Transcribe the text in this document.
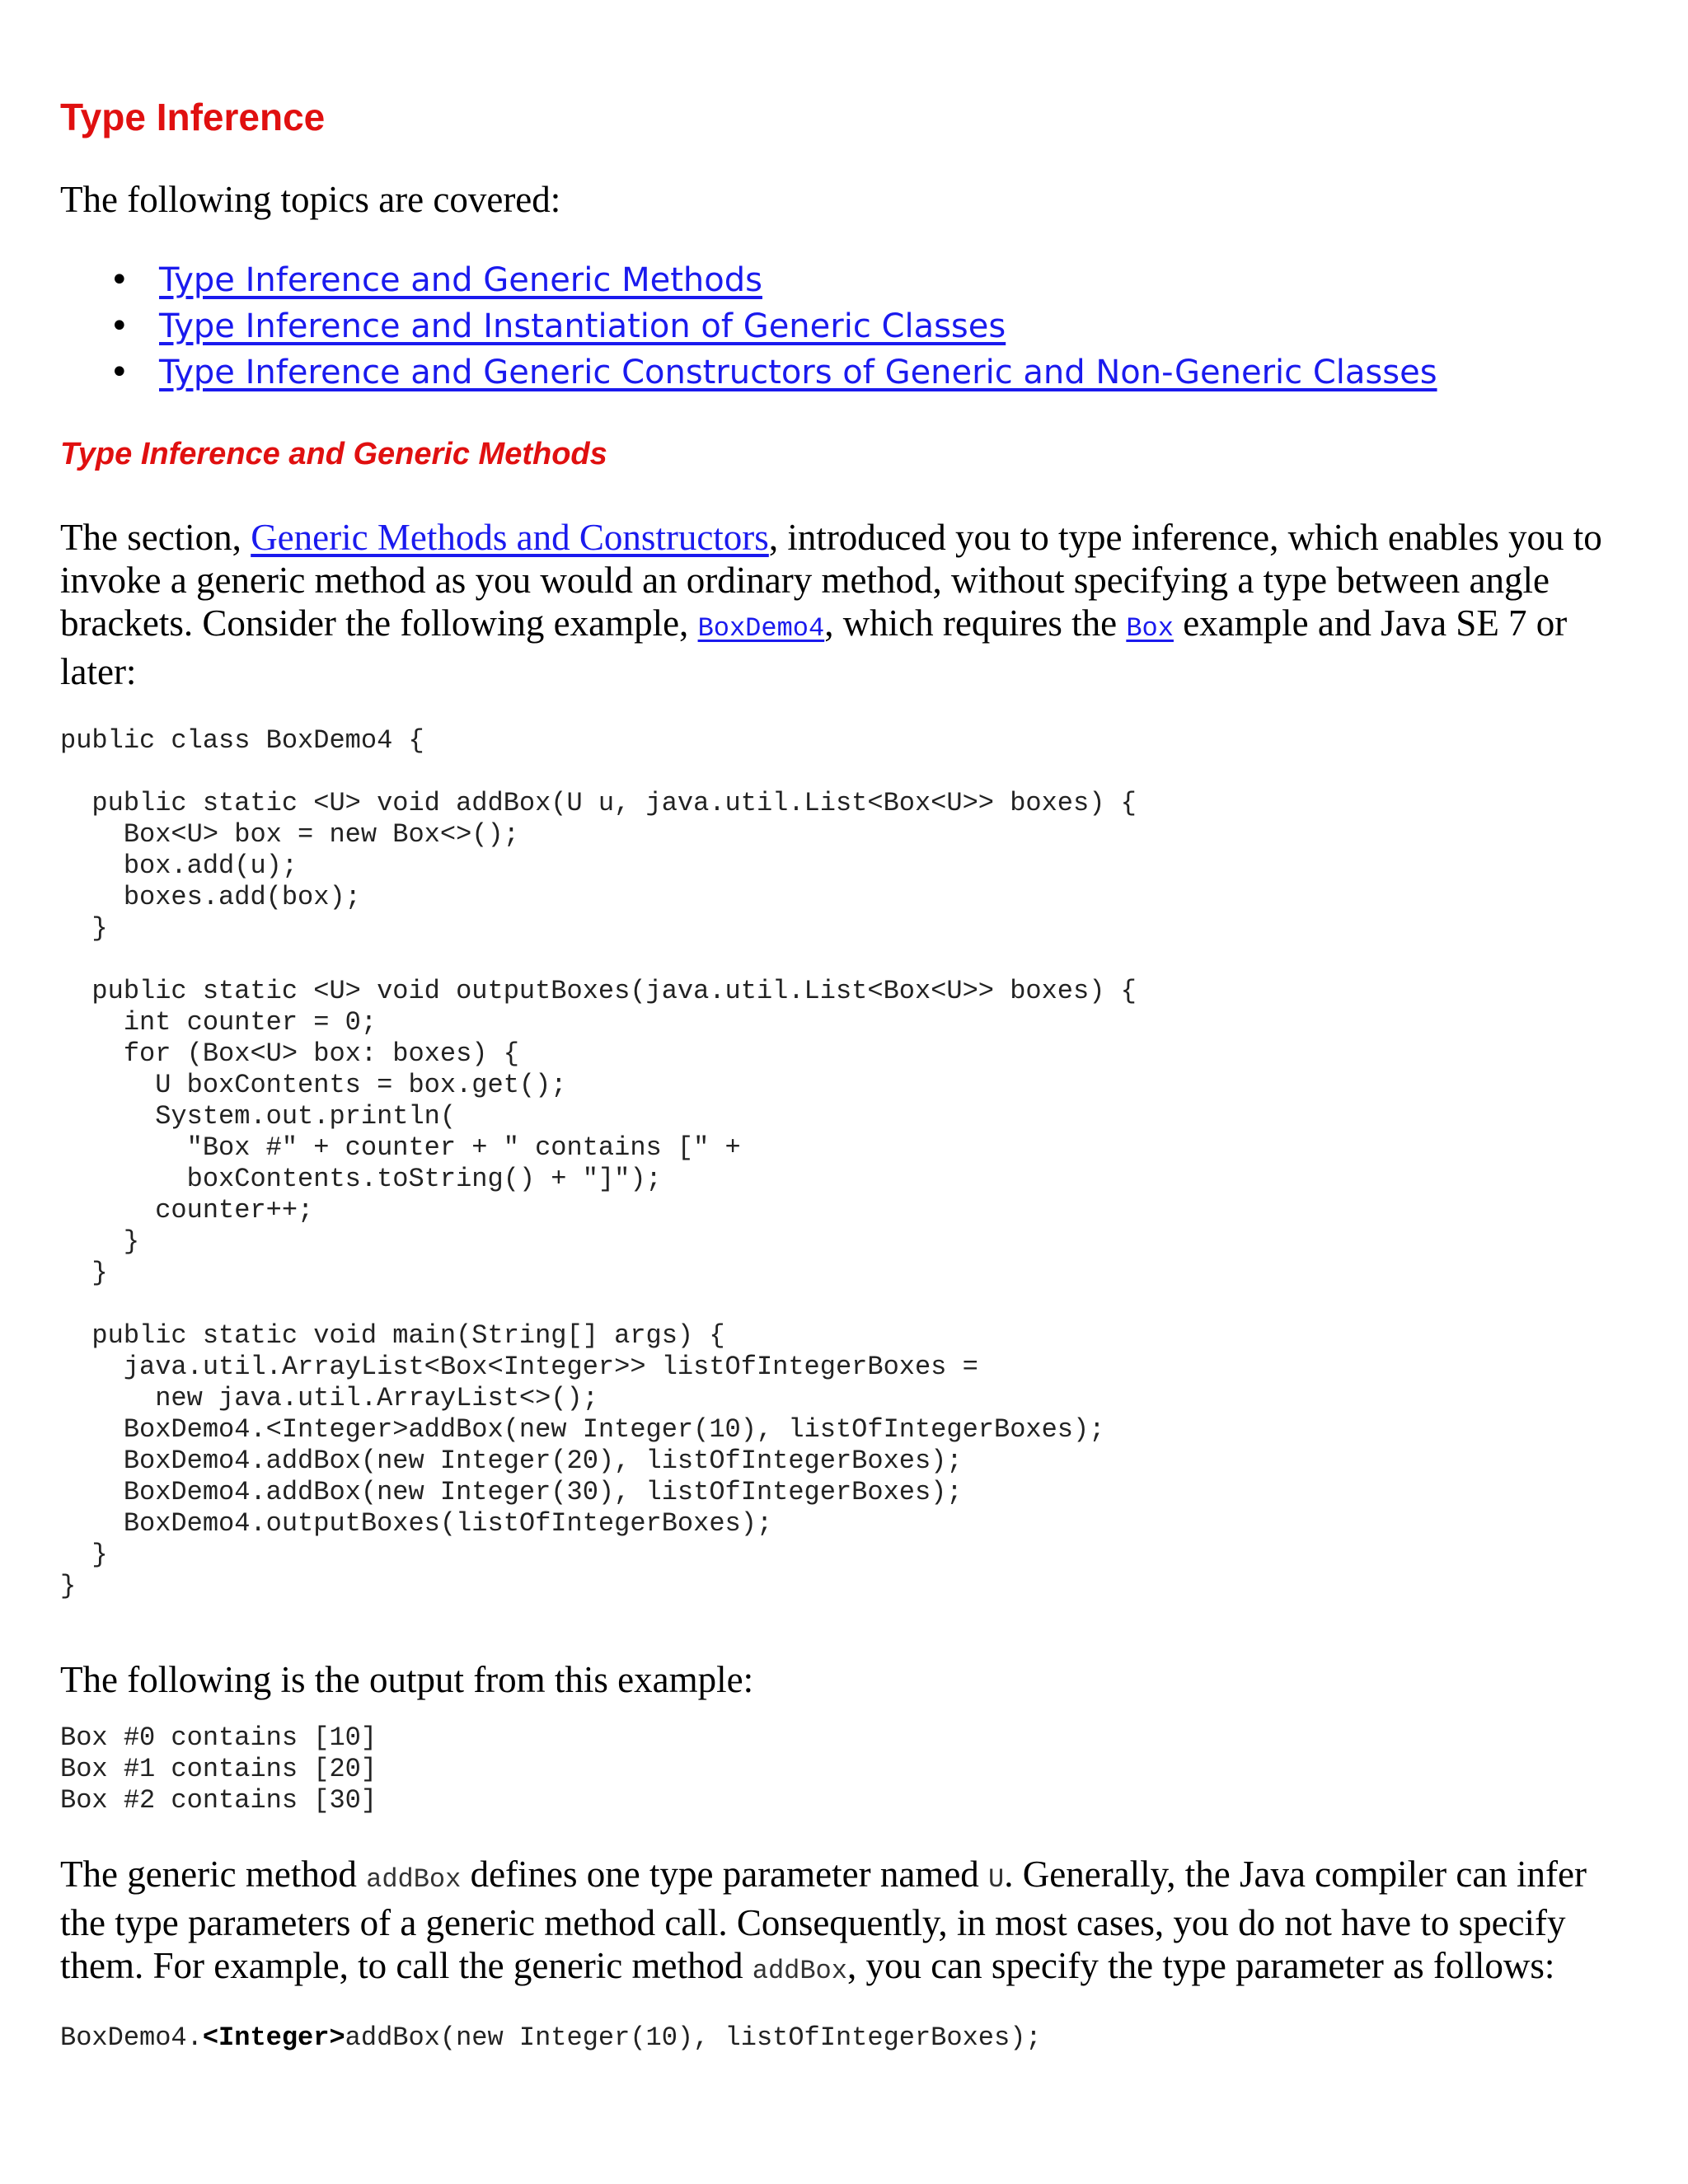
Type Inference

The following topics are covered:

• Type Inference and Generic Methods
• Type Inference and Instantiation of Generic Classes
• Type Inference and Generic Constructors of Generic and Non-Generic Classes
Type Inference and Generic Methods

The section, Generic Methods and Constructors, introduced you to type inference, which enables you to invoke a generic method as you would an ordinary method, without specifying a type between angle brackets. Consider the following example, BoxDemo4, which requires the Box example and Java SE 7 or later:

public class BoxDemo4 {

public static <U> void addBox(U u, java.util.List<Box<U>> boxes) {
Box<U> box = new Box<>();
box.add(u);
boxes.add(box);
}

public static <U> void outputBoxes(java.util.List<Box<U>> boxes) {
int counter = 0;
for (Box<U> box: boxes) {
U boxContents = box.get();
System.out.println(
"Box #" + counter + " contains [" +
boxContents.toString() + "]");
counter++;
}
}

public static void main(String[] args) {
java.util.ArrayList<Box<Integer>> listOfIntegerBoxes =
new java.util.ArrayList<>();
BoxDemo4.<Integer>addBox(new Integer(10), listOfIntegerBoxes);
BoxDemo4.addBox(new Integer(20), listOfIntegerBoxes);
BoxDemo4.addBox(new Integer(30), listOfIntegerBoxes);
BoxDemo4.outputBoxes(listOfIntegerBoxes);
}
}

The following is the output from this example:

Box #0 contains [10]
Box #1 contains [20]
Box #2 contains [30]

The generic method addBox defines one type parameter named U. Generally, the Java compiler can infer the type parameters of a generic method call. Consequently, in most cases, you do not have to specify them. For example, to call the generic method addBox, you can specify the type parameter as follows:

BoxDemo4.<Integer>addBox(new Integer(10), listOfIntegerBoxes);
